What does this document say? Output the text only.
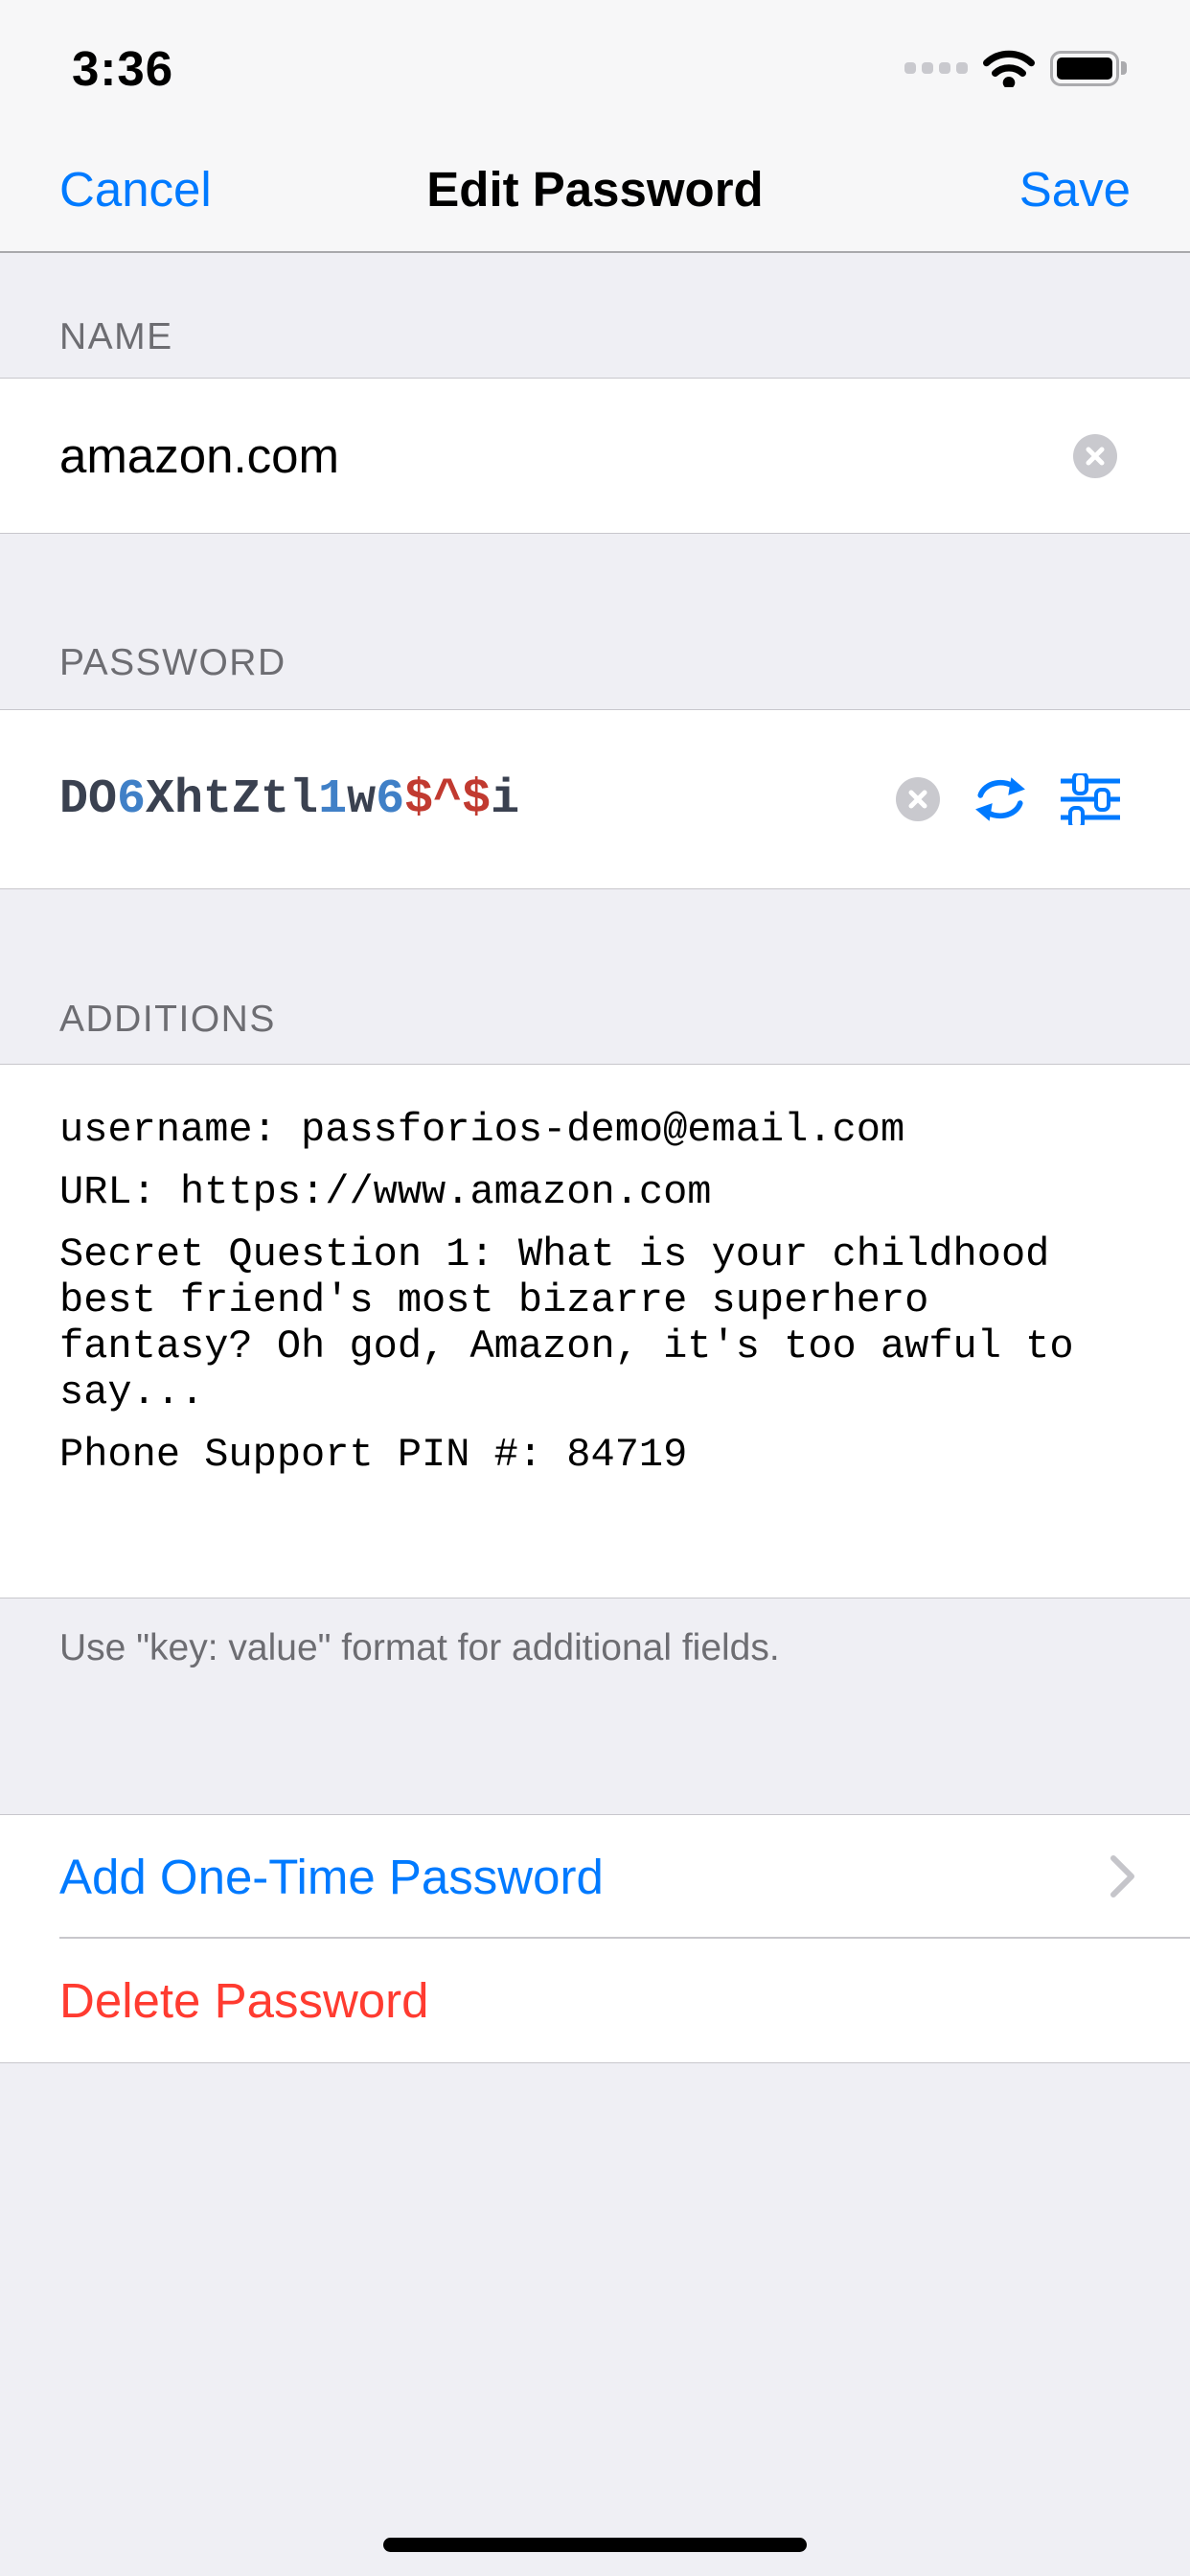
3:36
Cancel	Edit Password	Save
NAME
amazon.com
PASSWORD
DO6XhtZtl1w6$^$i
ADDITIONS

username: passforios-demo@email.com

URL: https://www.amazon.com

Secret Question 1: What is your childhood best friend's most bizarre superhero fantasy? Oh god, Amazon, it's too awful to say...

Phone Support PIN #: 84719

Use "key: value" format for additional fields.
Add One-Time Password
Delete Password
